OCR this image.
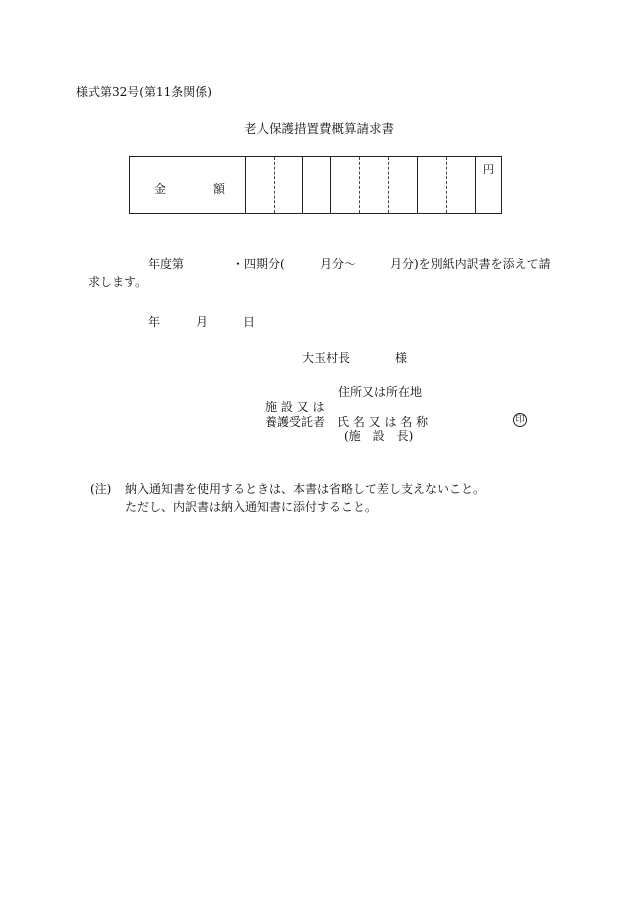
様式第32号(第11条関係)
老人保護措置費概算請求書
金	額
円
年度第	・四期分(	月分～	月分)を別紙内訳書を添えて請
求します。
年	月	日
大玉村長	様
住所又は所在地
施 設 又 は
養護受託者 氏 名 又 は 名 称
(施　設　長)
印
(注) 納入通知書を使用するときは、本書は省略して差し支えないこと。
ただし、内訳書は納入通知書に添付すること。
